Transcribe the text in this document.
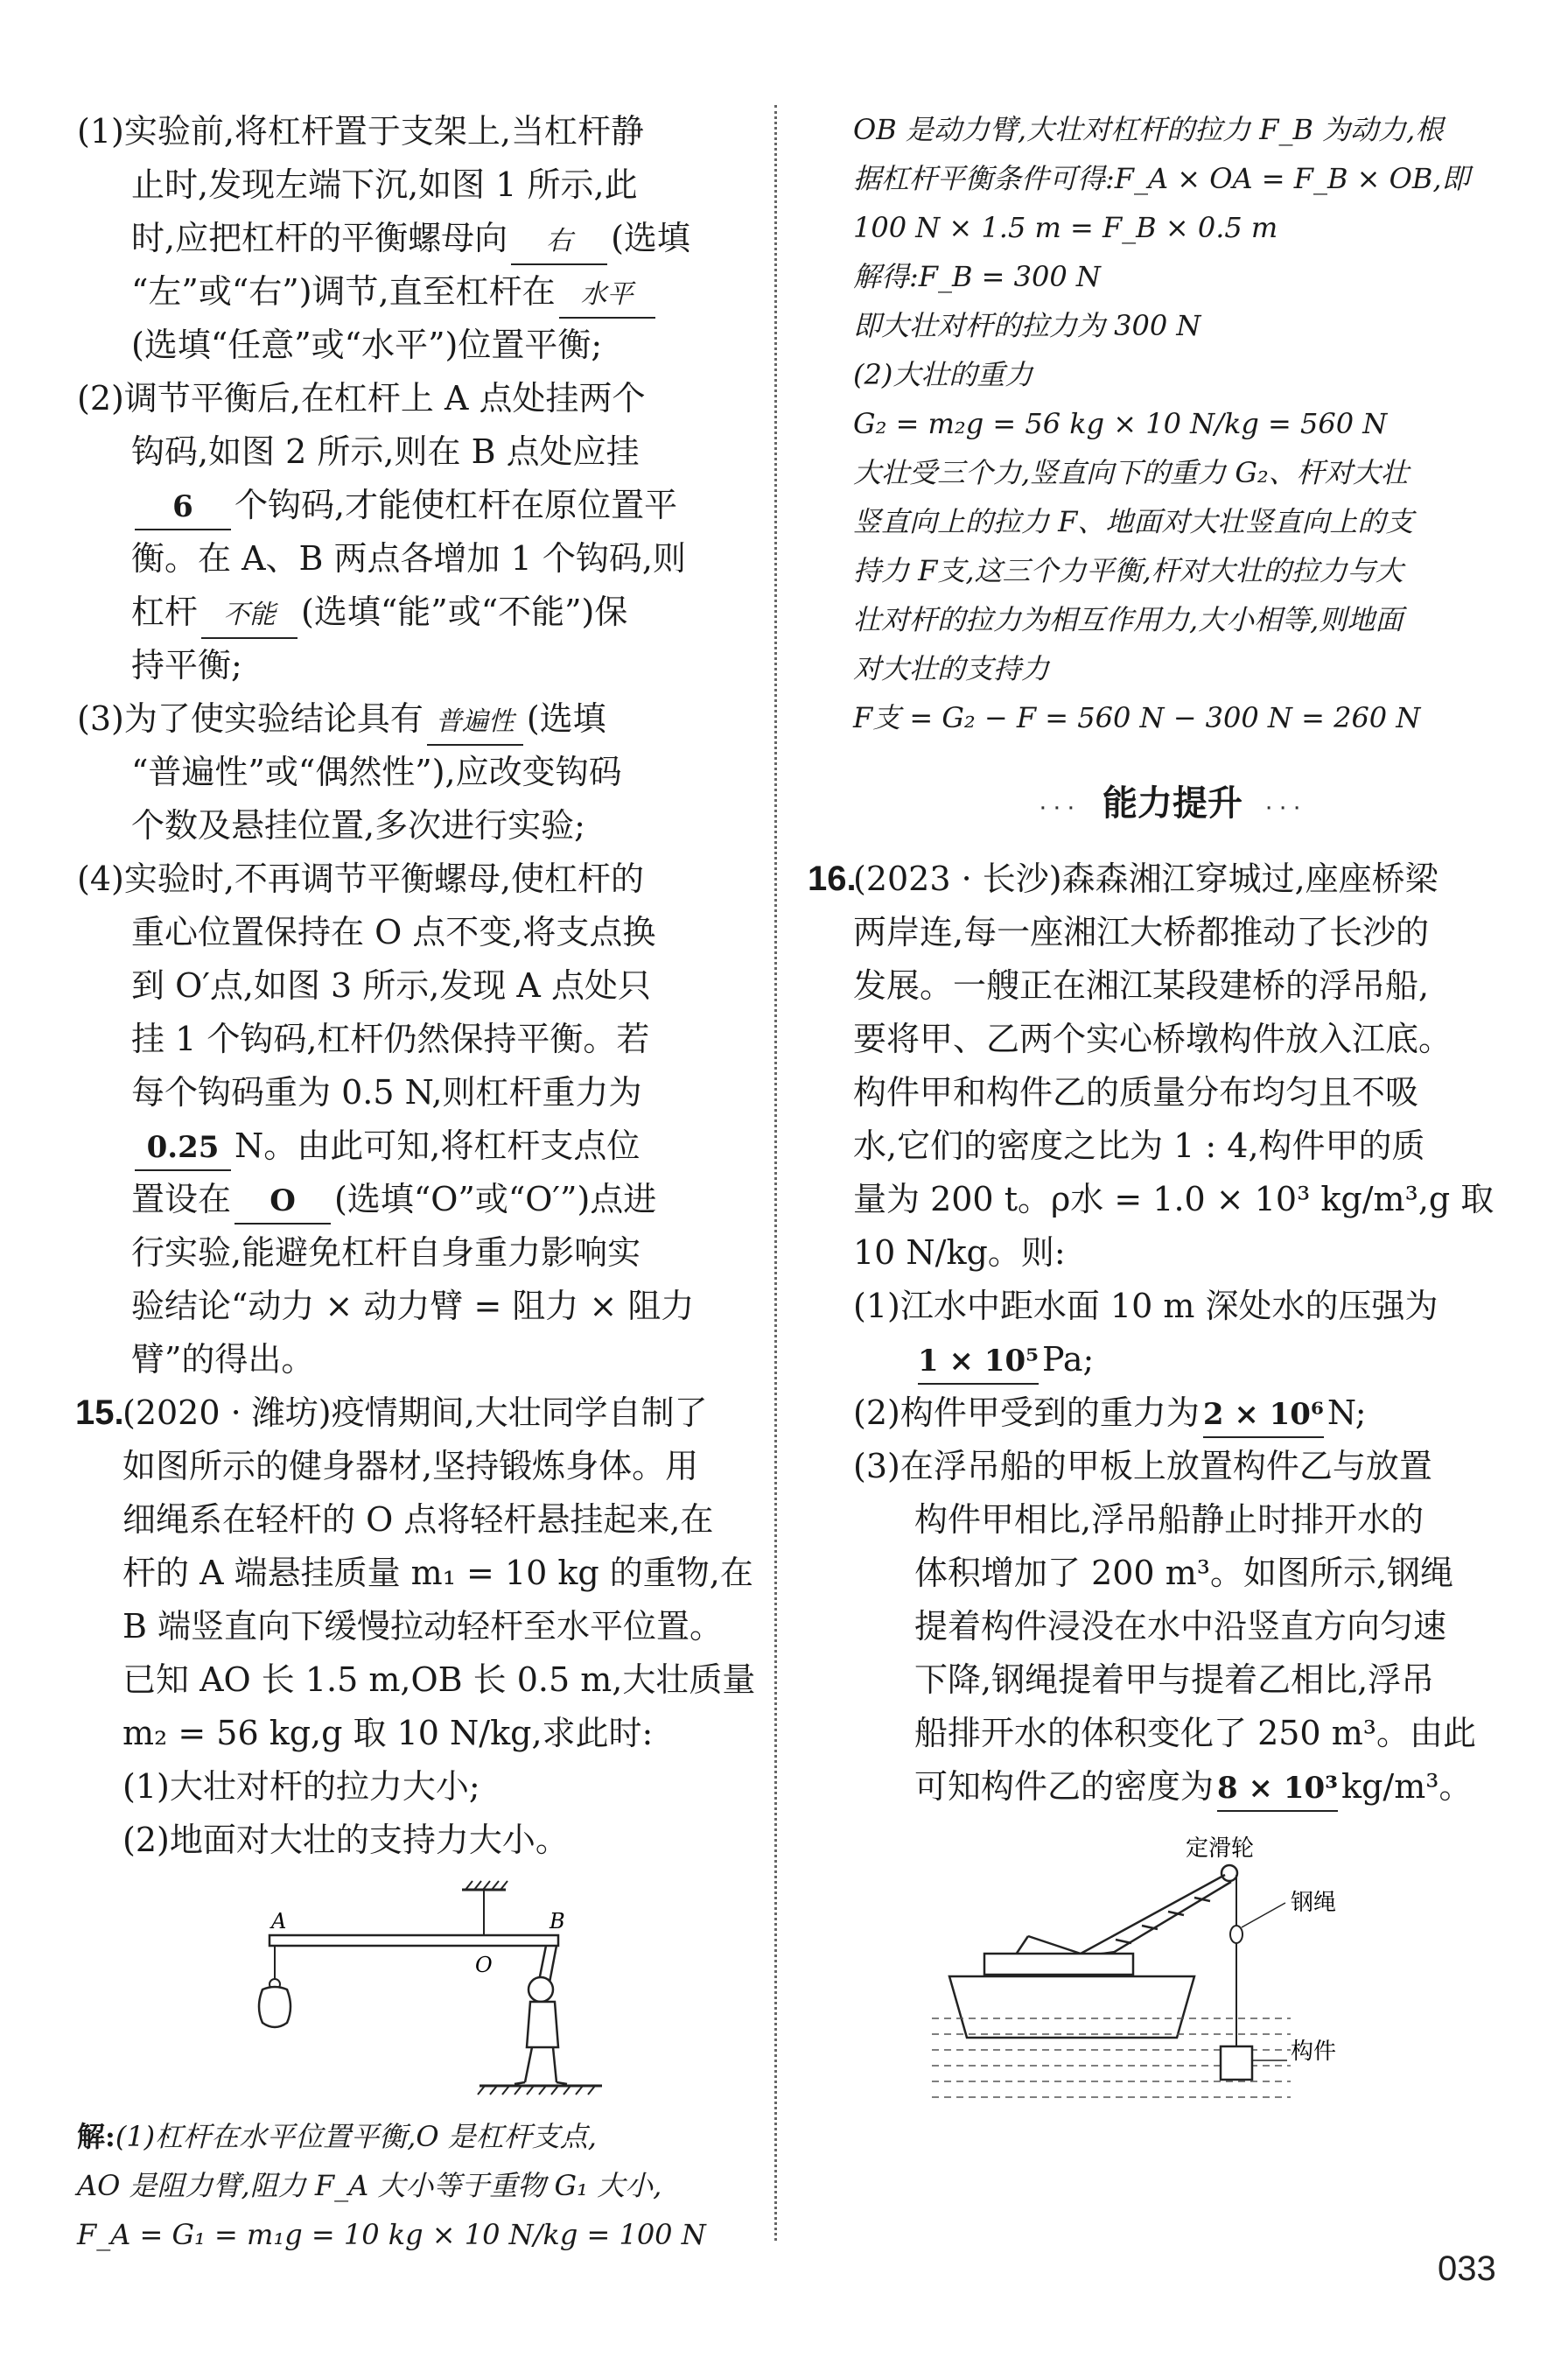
(1)实验前,将杠杆置于支架上,当杠杆静
止时,发现左端下沉,如图 1 所示,此
时,应把杠杆的平衡螺母向 右 (选填
“左”或“右”)调节,直至杠杆在 水平
(选填“任意”或“水平”)位置平衡;
(2)调节平衡后,在杠杆上 A 点处挂两个
钩码,如图 2 所示,则在 B 点处应挂
6 个钩码,才能使杠杆在原位置平
衡。在 A、B 两点各增加 1 个钩码,则
杠杆 不能 (选填“能”或“不能”)保
持平衡;
(3)为了使实验结论具有 普遍性 (选填
“普遍性”或“偶然性”),应改变钩码
个数及悬挂位置,多次进行实验;
(4)实验时,不再调节平衡螺母,使杠杆的
重心位置保持在 O 点不变,将支点换
到 O′点,如图 3 所示,发现 A 点处只
挂 1 个钩码,杠杆仍然保持平衡。若
每个钩码重为 0.5 N,则杠杆重力为
0.25 N。由此可知,将杠杆支点位
置设在 O (选填“O”或“O′”)点进
行实验,能避免杠杆自身重力影响实
验结论“动力 × 动力臂 = 阻力 × 阻力
臂”的得出。
15.
(2020 · 潍坊)疫情期间,大壮同学自制了
如图所示的健身器材,坚持锻炼身体。用
细绳系在轻杆的 O 点将轻杆悬挂起来,在
杆的 A 端悬挂质量 m₁ = 10 kg 的重物,在
B 端竖直向下缓慢拉动轻杆至水平位置。
已知 AO 长 1.5 m,OB 长 0.5 m,大壮质量
m₂ = 56 kg,g 取 10 N/kg,求此时:
(1)大壮对杆的拉力大小;
(2)地面对大壮的支持力大小。
A	B
O
解:(1)杠杆在水平位置平衡,O 是杠杆支点,
AO 是阻力臂,阻力 F_A 大小等于重物 G₁ 大小,
F_A = G₁ = m₁g = 10 kg × 10 N/kg = 100 N
OB 是动力臂,大壮对杠杆的拉力 F_B 为动力,根
据杠杆平衡条件可得:F_A × OA = F_B × OB,即
100 N × 1.5 m = F_B × 0.5 m
解得:F_B = 300 N
即大壮对杆的拉力为 300 N
(2)大壮的重力
G₂ = m₂g = 56 kg × 10 N/kg = 560 N
大壮受三个力,竖直向下的重力 G₂、杆对大壮
竖直向上的拉力 F、地面对大壮竖直向上的支
持力 F支,这三个力平衡,杆对大壮的拉力与大
壮对杆的拉力为相互作用力,大小相等,则地面
对大壮的支持力
F支 = G₂ − F = 560 N − 300 N = 260 N
··· 能力提升 ···
16.
(2023 · 长沙)森森湘江穿城过,座座桥梁
两岸连,每一座湘江大桥都推动了长沙的
发展。一艘正在湘江某段建桥的浮吊船,
要将甲、乙两个实心桥墩构件放入江底。
构件甲和构件乙的质量分布均匀且不吸
水,它们的密度之比为 1 : 4,构件甲的质
量为 200 t。ρ水 = 1.0 × 10³ kg/m³,g 取
10 N/kg。则:
(1)江水中距水面 10 m 深处水的压强为
1 × 10⁵ Pa;
(2)构件甲受到的重力为 2 × 10⁶ N;
(3)在浮吊船的甲板上放置构件乙与放置
构件甲相比,浮吊船静止时排开水的
体积增加了 200 m³。如图所示,钢绳
提着构件浸没在水中沿竖直方向匀速
下降,钢绳提着甲与提着乙相比,浮吊
船排开水的体积变化了 250 m³。由此
可知构件乙的密度为 8 × 10³ kg/m³。
定滑轮
钢绳
构件
033
